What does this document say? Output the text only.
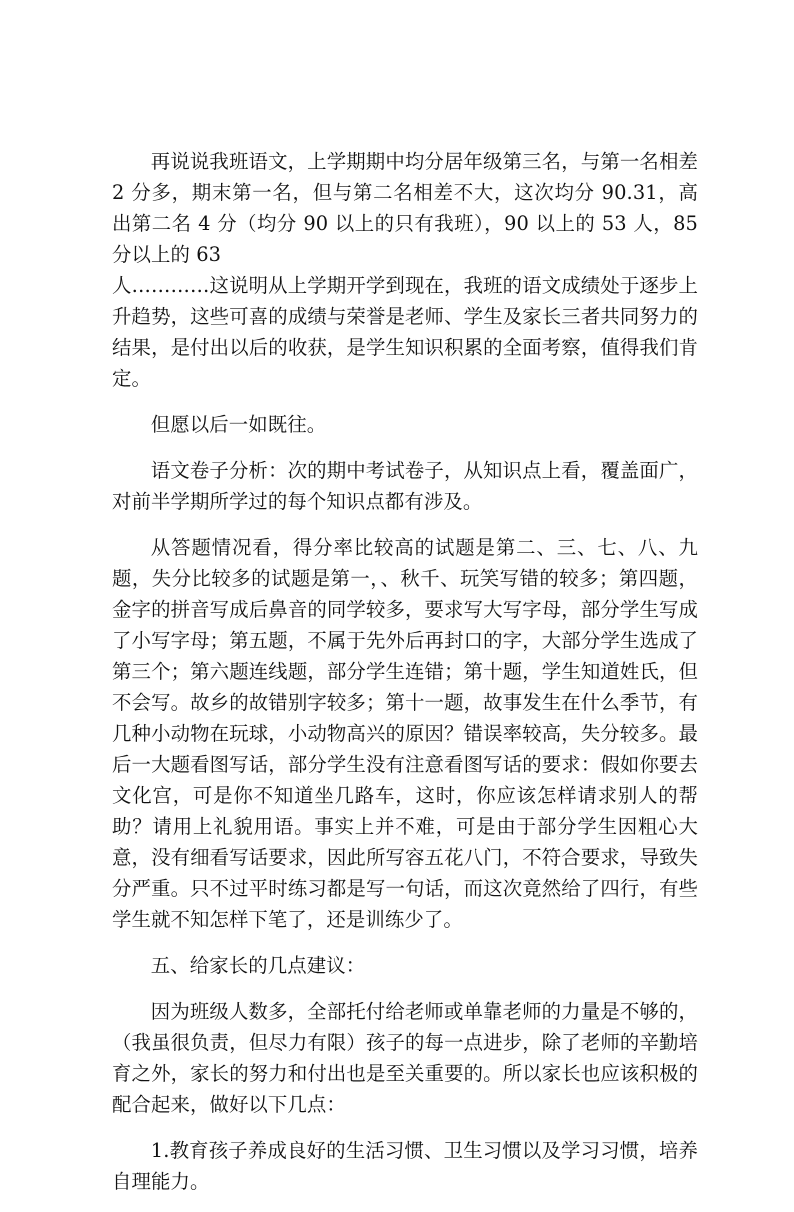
再说说我班语文，上学期期中均分居年级第三名，与第一名相差 2 分多，期末第一名，但与第二名相差不大，这次均分 90.31，高出第二名 4 分（均分 90 以上的只有我班），90 以上的 53 人，85 分以上的 63
人…………这说明从上学期开学到现在，我班的语文成绩处于逐步上升趋势，这些可喜的成绩与荣誉是老师、学生及家长三者共同努力的结果，是付出以后的收获，是学生知识积累的全面考察，值得我们肯定。

但愿以后一如既往。

语文卷子分析：次的期中考试卷子，从知识点上看，覆盖面广，对前半学期所学过的每个知识点都有涉及。

从答题情况看，得分率比较高的试题是第二、三、七、八、九题，失分比较多的试题是第一，、秋千、玩笑写错的较多；第四题，金字的拼音写成后鼻音的同学较多，要求写大写字母，部分学生写成了小写字母；第五题，不属于先外后再封口的字，大部分学生选成了第三个；第六题连线题，部分学生连错；第十题，学生知道姓氏，但不会写。故乡的故错别字较多；第十一题，故事发生在什么季节，有几种小动物在玩球，小动物高兴的原因？错误率较高，失分较多。最后一大题看图写话，部分学生没有注意看图写话的要求：假如你要去文化宫，可是你不知道坐几路车，这时，你应该怎样请求别人的帮助？请用上礼貌用语。事实上并不难，可是由于部分学生因粗心大意，没有细看写话要求，因此所写容五花八门，不符合要求，导致失分严重。只不过平时练习都是写一句话，而这次竟然给了四行，有些学生就不知怎样下笔了，还是训练少了。

五、给家长的几点建议：

因为班级人数多，全部托付给老师或单靠老师的力量是不够的，（我虽很负责，但尽力有限）孩子的每一点进步，除了老师的辛勤培育之外，家长的努力和付出也是至关重要的。所以家长也应该积极的配合起来，做好以下几点：

1.教育孩子养成良好的生活习惯、卫生习惯以及学习习惯，培养自理能力。
